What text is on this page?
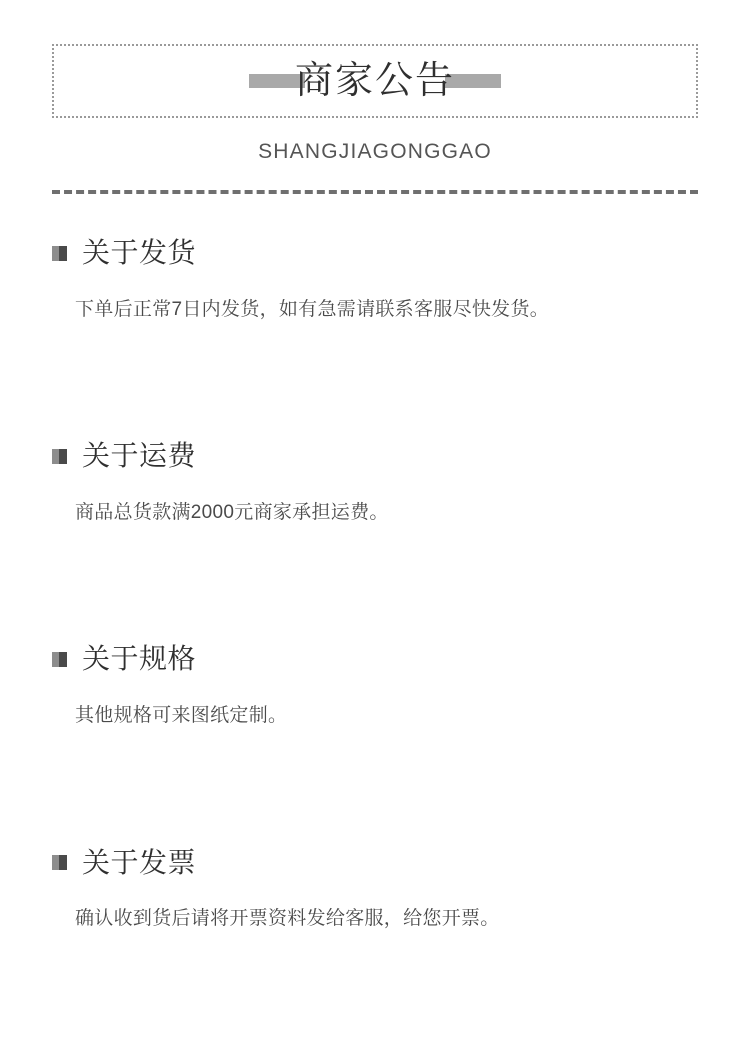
商家公告
SHANGJIAGONGGAO
关于发货
下单后正常7日内发货，如有急需请联系客服尽快发货。
关于运费
商品总货款满2000元商家承担运费。
关于规格
其他规格可来图纸定制。
关于发票
确认收到货后请将开票资料发给客服，给您开票。
